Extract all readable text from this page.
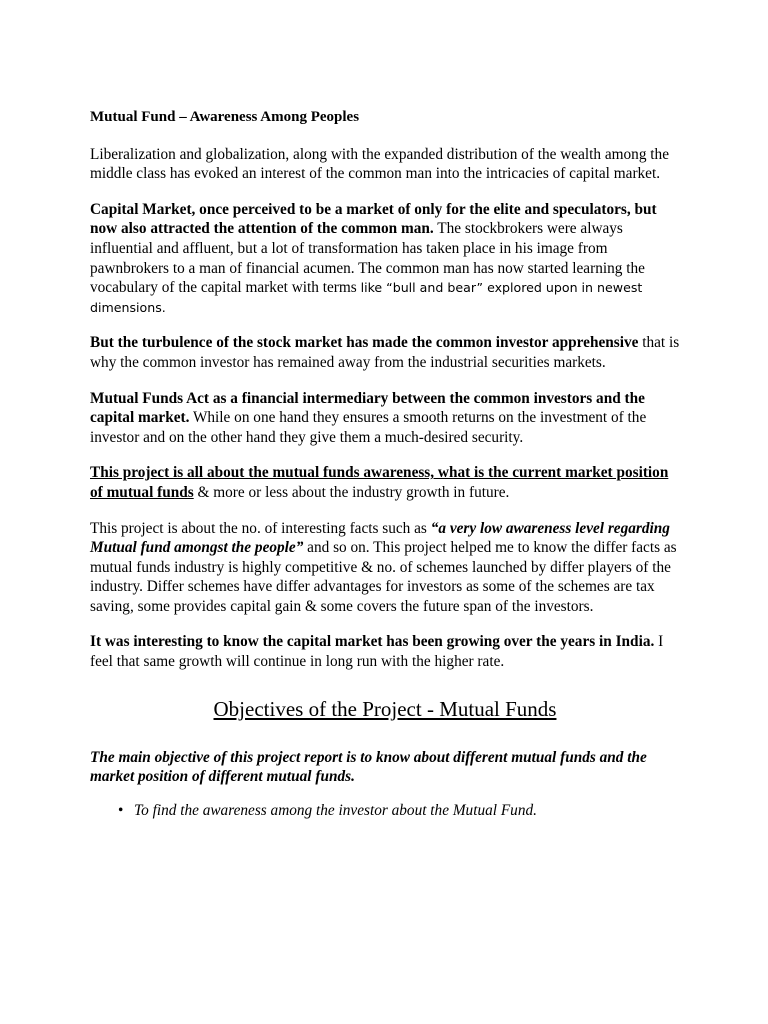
Mutual Fund – Awareness Among Peoples

Liberalization and globalization, along with the expanded distribution of the wealth among the middle class has evoked an interest of the common man into the intricacies of capital market.

Capital Market, once perceived to be a market of only for the elite and speculators, but now also attracted the attention of the common man. The stockbrokers were always influential and affluent, but a lot of transformation has taken place in his image from pawnbrokers to a man of financial acumen. The common man has now started learning the vocabulary of the capital market with terms like “bull and bear” explored upon in newest dimensions.

But the turbulence of the stock market has made the common investor apprehensive that is why the common investor has remained away from the industrial securities markets.

Mutual Funds Act as a financial intermediary between the common investors and the capital market. While on one hand they ensures a smooth returns on the investment of the investor and on the other hand they give them a much-desired security.

This project is all about the mutual funds awareness, what is the current market position of mutual funds & more or less about the industry growth in future.

This project is about the no. of interesting facts such as “a very low awareness level regarding Mutual fund amongst the people” and so on. This project helped me to know the differ facts as mutual funds industry is highly competitive & no. of schemes launched by differ players of the industry. Differ schemes have differ advantages for investors as some of the schemes are tax saving, some provides capital gain & some covers the future span of the investors.

It was interesting to know the capital market has been growing over the years in India. I feel that same growth will continue in long run with the higher rate.

Objectives of the Project - Mutual Funds

The main objective of this project report is to know about different mutual funds and the market position of different mutual funds.

• To find the awareness among the investor about the Mutual Fund.
